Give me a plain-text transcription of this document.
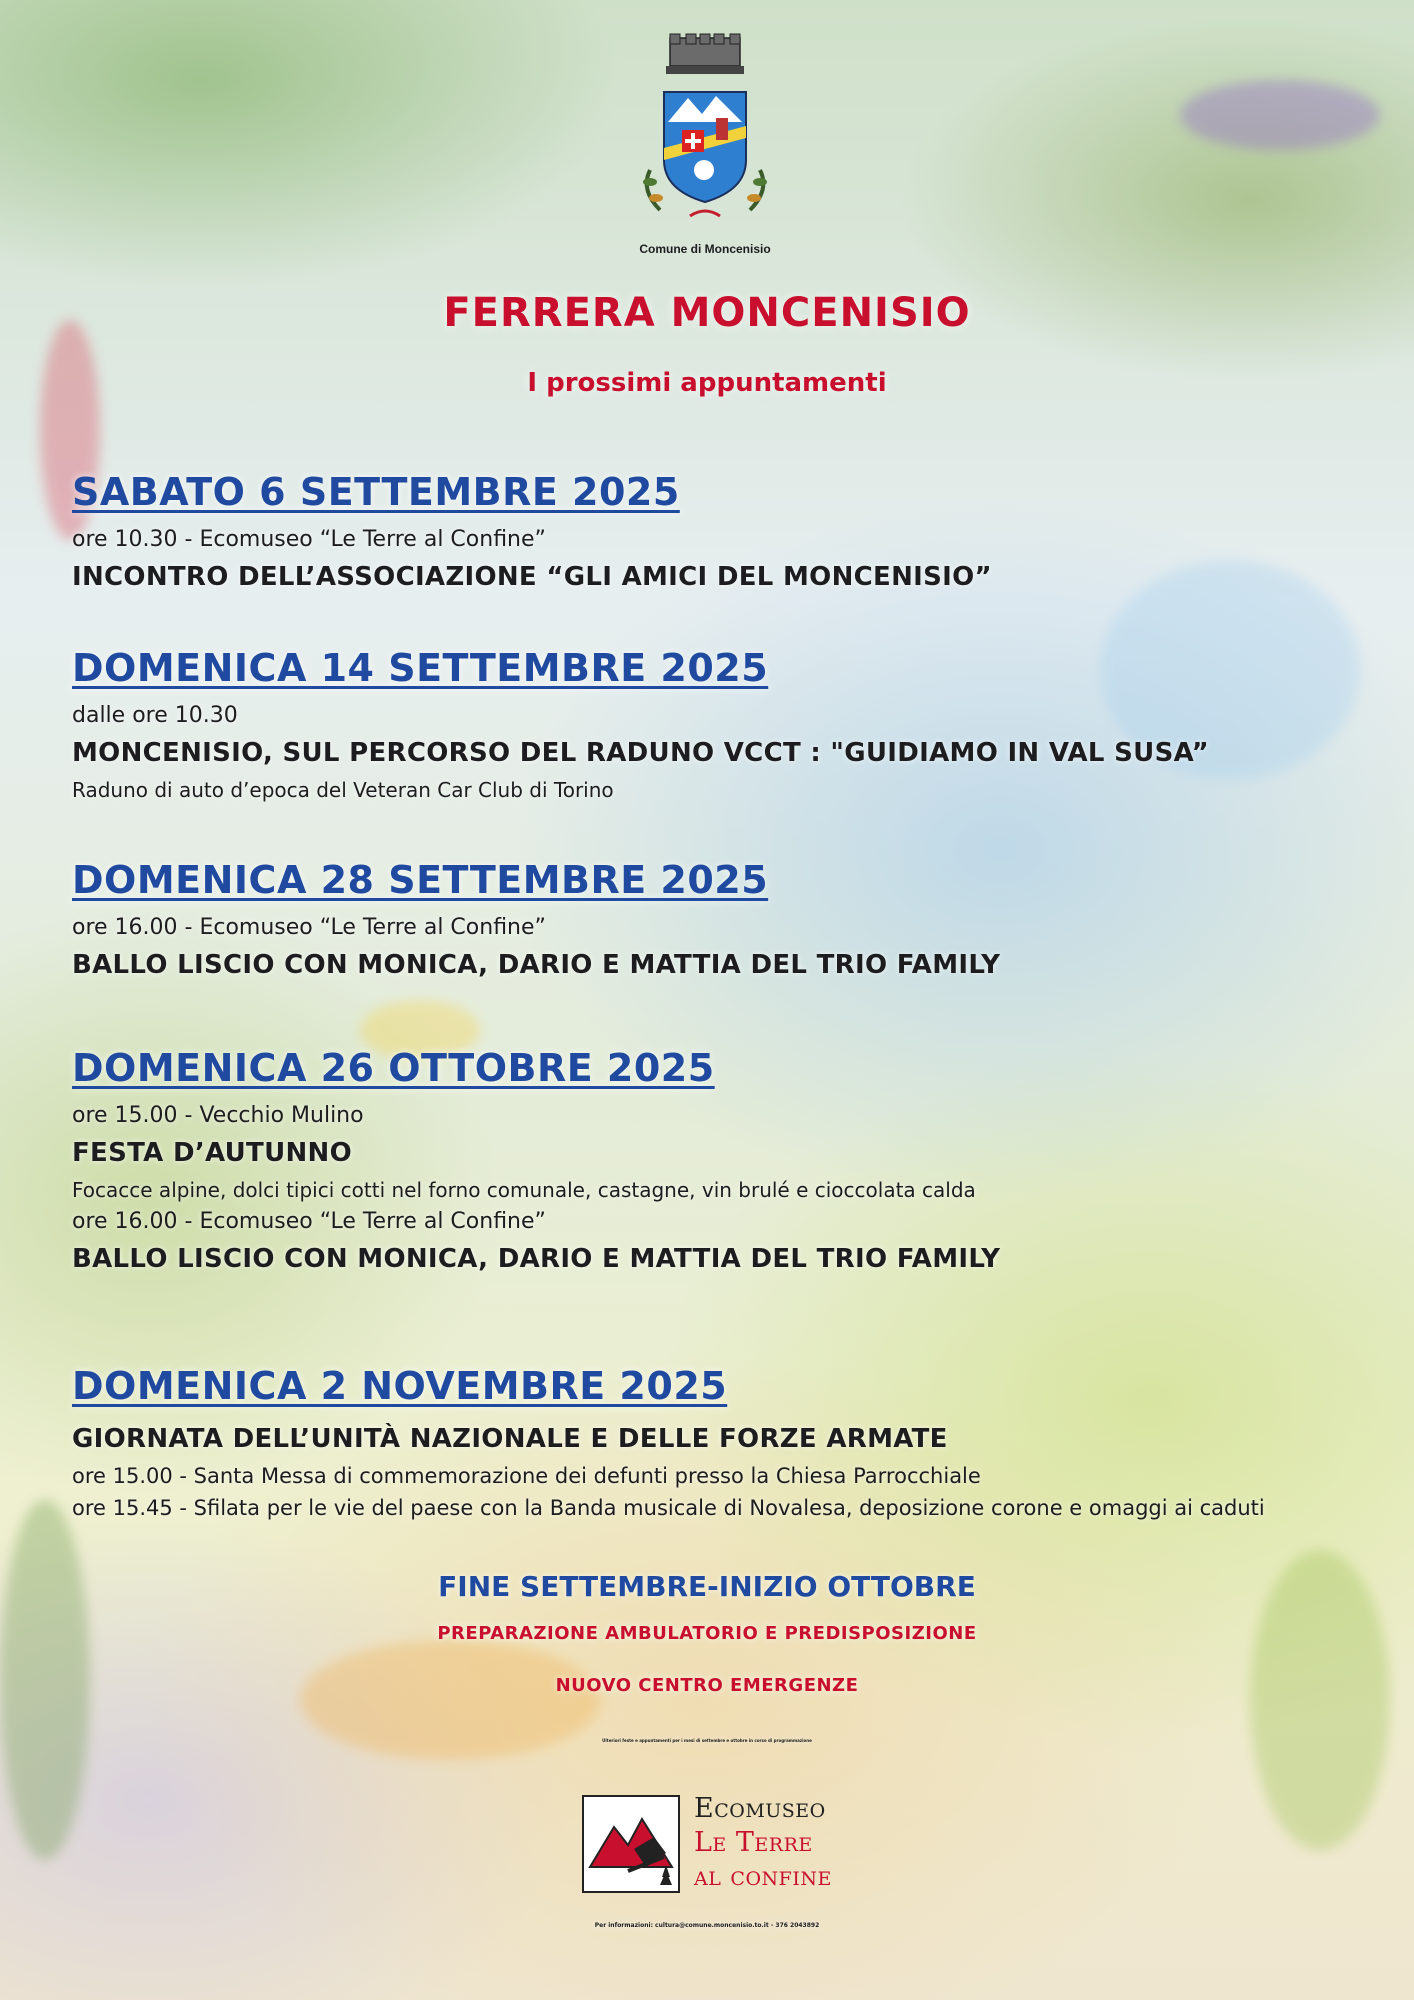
Comune di Moncenisio
FERRERA MONCENISIO
I prossimi appuntamenti
SABATO 6 SETTEMBRE 2025
ore 10.30 - Ecomuseo “Le Terre al Confine”
INCONTRO DELL’ASSOCIAZIONE “GLI AMICI DEL MONCENISIO”
DOMENICA 14 SETTEMBRE 2025
dalle ore 10.30
MONCENISIO, SUL PERCORSO DEL RADUNO VCCT : "GUIDIAMO IN VAL SUSA”
Raduno di auto d’epoca del Veteran Car Club di Torino
DOMENICA 28 SETTEMBRE 2025
ore 16.00 - Ecomuseo “Le Terre al Confine”
BALLO LISCIO CON MONICA, DARIO E MATTIA DEL TRIO FAMILY
DOMENICA 26 OTTOBRE 2025
ore 15.00 - Vecchio Mulino
FESTA D’AUTUNNO
Focacce alpine, dolci tipici cotti nel forno comunale, castagne, vin brulé e cioccolata calda
ore 16.00 - Ecomuseo “Le Terre al Confine”
BALLO LISCIO CON MONICA, DARIO E MATTIA DEL TRIO FAMILY
DOMENICA 2 NOVEMBRE 2025
GIORNATA DELL’UNITÀ NAZIONALE E DELLE FORZE ARMATE
ore 15.00 - Santa Messa di commemorazione dei defunti presso la Chiesa Parrocchiale
ore 15.45 - Sfilata per le vie del paese con la Banda musicale di Novalesa, deposizione corone e omaggi ai caduti
FINE SETTEMBRE-INIZIO OTTOBRE
PREPARAZIONE AMBULATORIO E PREDISPOSIZIONE
NUOVO CENTRO EMERGENZE
Ulteriori feste e appuntamenti per i mesi di settembre e ottobre in corso di programmazione
Ecomuseo
Le Terre
al confine
Per informazioni: cultura@comune.moncenisio.to.it - 376 2043892
